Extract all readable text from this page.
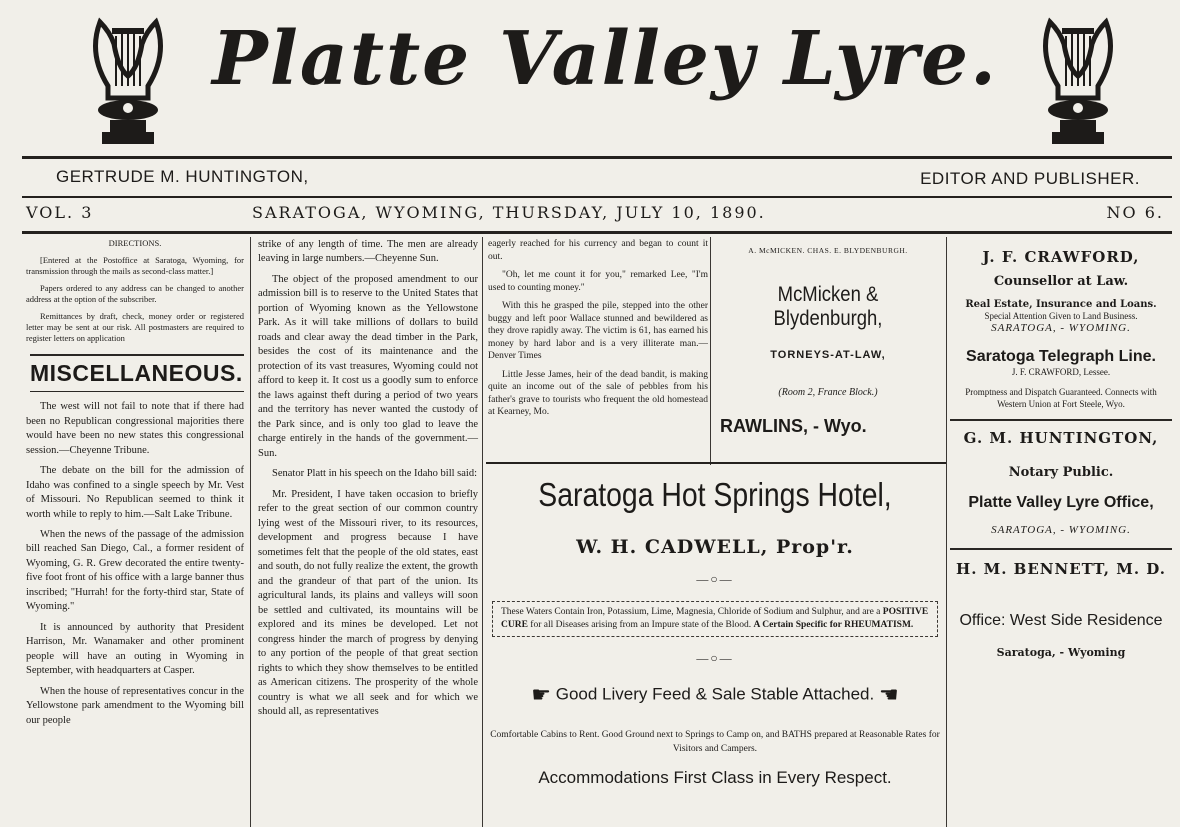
Platte Valley Lyre.
GERTRUDE M. HUNTINGTON,	EDITOR AND PUBLISHER.
VOL. 3	SARATOGA, WYOMING, THURSDAY, JULY 10, 1890.	NO 6.

DIRECTIONS.

[Entered at the Postoffice at Saratoga, Wyoming, for transmission through the mails as second-class matter.]

Papers ordered to any address can be changed to another address at the option of the subscriber.

Remittances by draft, check, money order or registered letter may be sent at our risk. All postmasters are required to register letters on application

MISCELLANEOUS.

The west will not fail to note that if there had been no Republican congressional majorities there would have been no new states this congressional session.—Cheyenne Tribune.

The debate on the bill for the admission of Idaho was confined to a single speech by Mr. Vest of Missouri. No Republican seemed to think it worth while to reply to him.—Salt Lake Tribune.

When the news of the passage of the admission bill reached San Diego, Cal., a former resident of Wyoming, G. R. Grew decorated the entire twenty-five foot front of his office with a large banner thus inscribed; "Hurrah! for the forty-third star, State of Wyoming."

It is announced by authority that President Harrison, Mr. Wanamaker and other prominent people will have an outing in Wyoming in September, with headquarters at Casper.

When the house of representatives concur in the Yellowstone park amendment to the Wyoming bill our people

strike of any length of time. The men are already leaving in large numbers.—Cheyenne Sun.

The object of the proposed amendment to our admission bill is to reserve to the United States that portion of Wyoming known as the Yellowstone Park. As it will take millions of dollars to build roads and clear away the dead timber in the Park, besides the cost of its maintenance and the protection of its vast treasures, Wyoming could not afford to keep it. It cost us a goodly sum to enforce the laws against theft during a period of two years and the territory has never wanted the custody of the Park since, and is only too glad to leave the charge entirely in the hands of the government.—Sun.

Senator Platt in his speech on the Idaho bill said:

Mr. President, I have taken occasion to briefly refer to the great section of our common country lying west of the Missouri river, to its resources, development and progress because I have sometimes felt that the people of the old states, east and south, do not fully realize the extent, the growth and the grandeur of that part of the union. Its agricultural lands, its plains and valleys will soon be settled and cultivated, its mountains will be explored and its mines be developed. Let not congress hinder the march of progress by denying to any portion of the people of that great section rights to which they show themselves to be entitled as American citizens. The prosperity of the whole country is what we all seek and for which we should all, as representatives

eagerly reached for his currency and began to count it out.

"Oh, let me count it for you," remarked Lee, "I'm used to counting money."

With this he grasped the pile, stepped into the other buggy and left poor Wallace stunned and bewildered as they drove rapidly away. The victim is 61, has earned his money by hard labor and is a very illiterate man.—Denver Times

Little Jesse James, heir of the dead bandit, is making quite an income out of the sale of pebbles from his father's grave to tourists who frequent the old homestead at Kearney, Mo.

A. McMICKEN. CHAS. E. BLYDENBURGH.
McMicken & Blydenburgh,
TORNEYS-AT-LAW,
(Room 2, France Block.)
RAWLINS, - Wyo.
Saratoga Hot Springs Hotel,
W. H. CADWELL, Prop'r.
—○—
These Waters Contain Iron, Potassium, Lime, Magnesia, Chloride of Sodium and Sulphur, and are a POSITIVE CURE for all Diseases arising from an Impure state of the Blood. A Certain Specific for RHEUMATISM.
—○—
☛ Good Livery Feed & Sale Stable Attached. ☚
Comfortable Cabins to Rent. Good Ground next to Springs to Camp on, and BATHS prepared at Reasonable Rates for Visitors and Campers.
Accommodations First Class in Every Respect.
J. F. CRAWFORD,
Counsellor at Law.
Real Estate, Insurance and Loans.
Special Attention Given to Land Business.
SARATOGA, - WYOMING.
Saratoga Telegraph Line.
J. F. CRAWFORD, Lessee.
Promptness and Dispatch Guaranteed. Connects with Western Union at Fort Steele, Wyo.
G. M. HUNTINGTON,
Notary Public.
Platte Valley Lyre Office,
SARATOGA, - WYOMING.
H. M. BENNETT, M. D.
Office: West Side Residence
Saratoga, - Wyoming
